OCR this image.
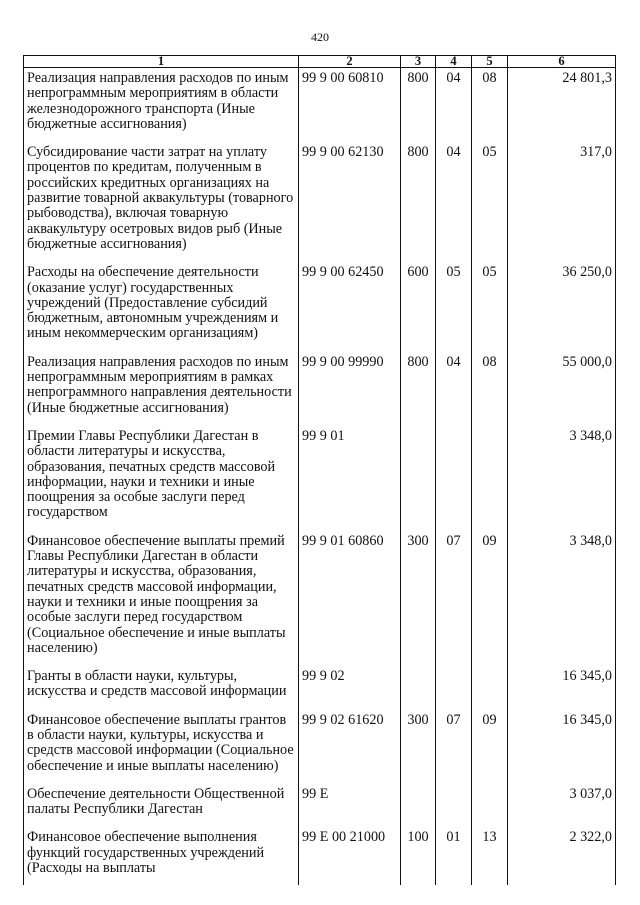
420
1	2	3	4	5	6
Реализация направления расходов по иным непрограммным мероприятиям в области железнодорожного транспорта (Иные бюджетные ассигнования)	99 9 00 60810	800	04	08	24 801,3
Субсидирование части затрат на уплату процентов по кредитам, полученным в российских кредитных организациях на развитие товарной аквакультуры (товарного рыбоводства), включая товарную аквакультуру осетровых видов рыб (Иные бюджетные ассигнования)	99 9 00 62130	800	04	05	317,0
Расходы на обеспечение деятельности (оказание услуг) государственных учреждений (Предоставление субсидий бюджетным, автономным учреждениям и иным некоммерческим организациям)	99 9 00 62450	600	05	05	36 250,0
Реализация направления расходов по иным непрограммным мероприятиям в рамках непрограммного направления деятельности (Иные бюджетные ассигнования)	99 9 00 99990	800	04	08	55 000,0
Премии Главы Республики Дагестан в области литературы и искусства, образования, печатных средств массовой информации, науки и техники и иные поощрения за особые заслуги перед государством	99 9 01				3 348,0
Финансовое обеспечение выплаты премий Главы Республики Дагестан в области литературы и искусства, образования, печатных средств массовой информации, науки и техники и иные поощрения за особые заслуги перед государством (Социальное обеспечение и иные выплаты населению)	99 9 01 60860	300	07	09	3 348,0
Гранты в области науки, культуры, искусства и средств массовой информации	99 9 02				16 345,0
Финансовое обеспечение выплаты грантов в области науки, культуры, искусства и средств массовой информации (Социальное обеспечение и иные выплаты населению)	99 9 02 61620	300	07	09	16 345,0
Обеспечение деятельности Общественной палаты Республики Дагестан	99 Е				3 037,0
Финансовое обеспечение выполнения функций государственных учреждений (Расходы на выплаты	99 Е 00 21000	100	01	13	2 322,0
